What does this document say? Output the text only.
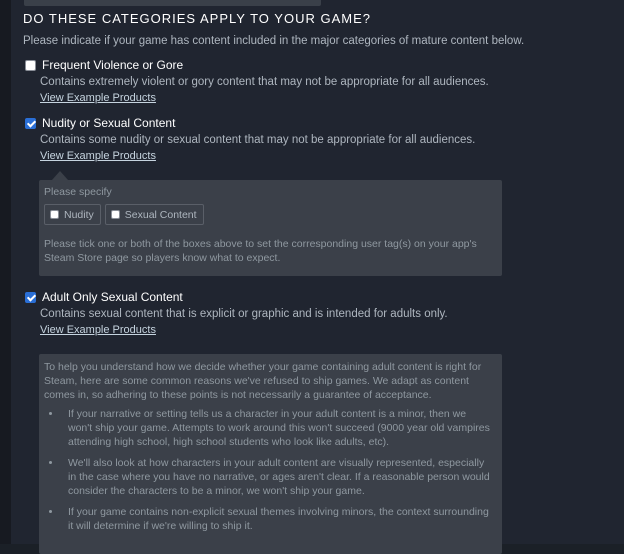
DO THESE CATEGORIES APPLY TO YOUR GAME?
Please indicate if your game has content included in the major categories of mature content below.
Frequent Violence or Gore
Contains extremely violent or gory content that may not be appropriate for all audiences.
View Example Products
Nudity or Sexual Content
Contains some nudity or sexual content that may not be appropriate for all audiences.
View Example Products
Please specify
Nudity	Sexual Content
Please tick one or both of the boxes above to set the corresponding user tag(s) on your app's Steam Store page so players know what to expect.
Adult Only Sexual Content
Contains sexual content that is explicit or graphic and is intended for adults only.
View Example Products

To help you understand how we decide whether your game containing adult content is right for Steam, here are some common reasons we've refused to ship games. We adapt as content comes in, so adhering to these points is not necessarily a guarantee of acceptance.

• If your narrative or setting tells us a character in your adult content is a minor, then we won't ship your game. Attempts to work around this won't succeed (9000 year old vampires attending high school, high school students who look like adults, etc).
• We'll also look at how characters in your adult content are visually represented, especially in the case where you have no narrative, or ages aren't clear. If a reasonable person would consider the characters to be a minor, we won't ship your game.
• If your game contains non-explicit sexual themes involving minors, the context surrounding it will determine if we're willing to ship it.
